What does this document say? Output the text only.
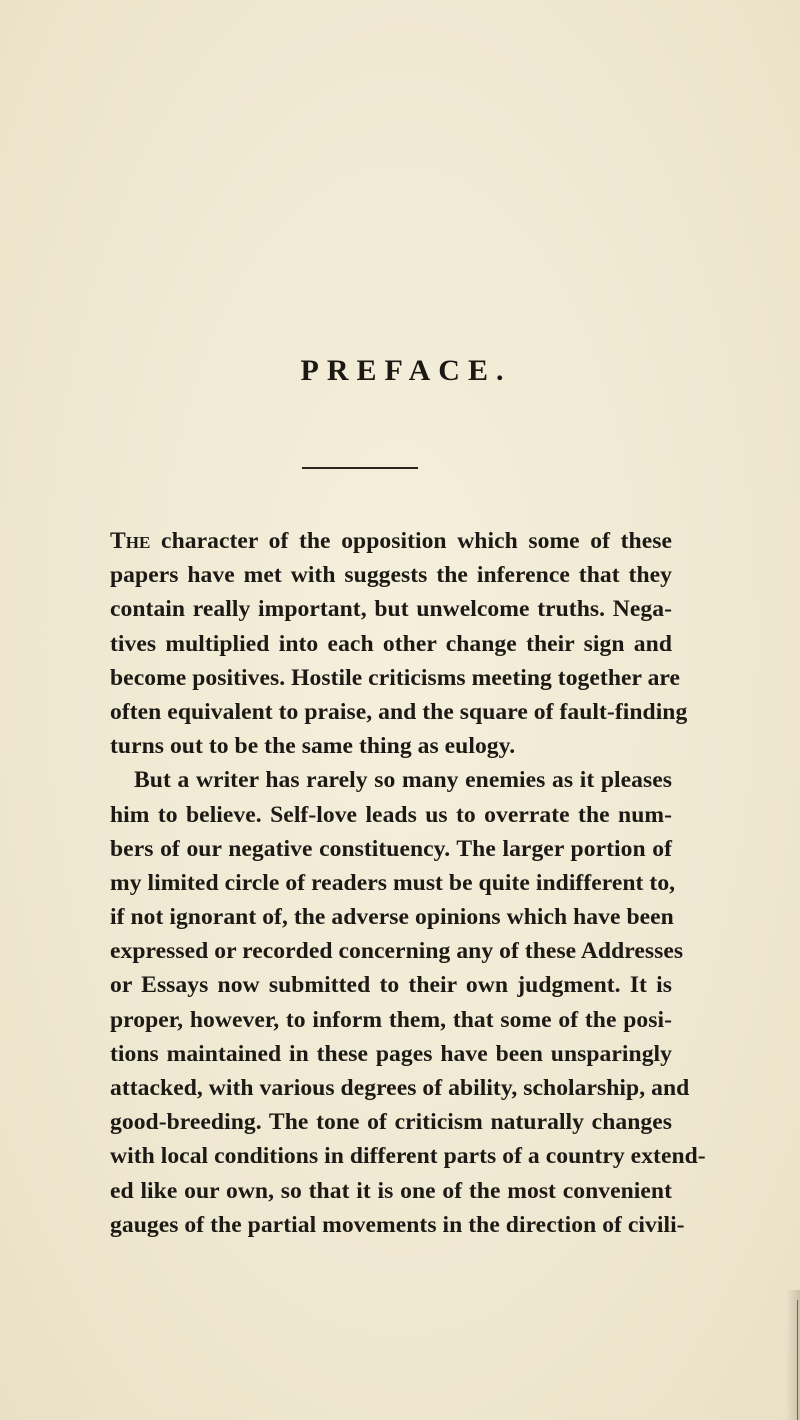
PREFACE.
The character of the opposition which some of these
papers have met with suggests the inference that they
contain really important, but unwelcome truths. Nega-
tives multiplied into each other change their sign and
become positives. Hostile criticisms meeting together are
often equivalent to praise, and the square of fault-finding
turns out to be the same thing as eulogy.
But a writer has rarely so many enemies as it pleases
him to believe. Self-love leads us to overrate the num-
bers of our negative constituency. The larger portion of
my limited circle of readers must be quite indifferent to,
if not ignorant of, the adverse opinions which have been
expressed or recorded concerning any of these Addresses
or Essays now submitted to their own judgment. It is
proper, however, to inform them, that some of the posi-
tions maintained in these pages have been unsparingly
attacked, with various degrees of ability, scholarship, and
good-breeding. The tone of criticism naturally changes
with local conditions in different parts of a country extend-
ed like our own, so that it is one of the most convenient
gauges of the partial movements in the direction of civili-
